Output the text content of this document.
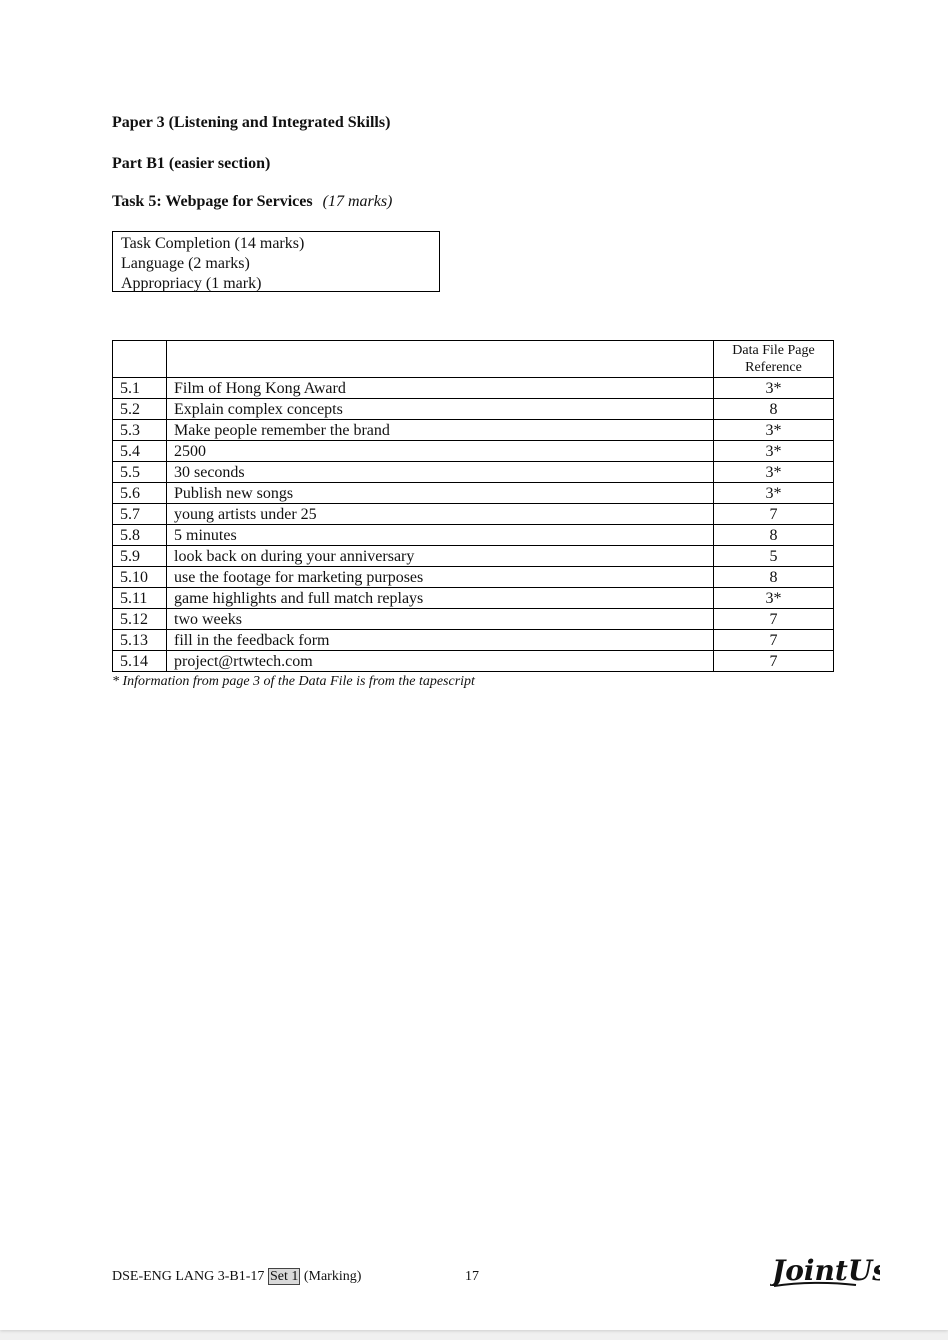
Paper 3 (Listening and Integrated Skills)
Part B1 (easier section)
Task 5: Webpage for Services (17 marks)
Task Completion (14 marks)
Language (2 marks)
Appropriacy (1 mark)

		Data File Page
Reference

5.1	Film of Hong Kong Award	3*
5.2	Explain complex concepts	8
5.3	Make people remember the brand	3*
5.4	2500	3*
5.5	30 seconds	3*
5.6	Publish new songs	3*
5.7	young artists under 25	7
5.8	5 minutes	8
5.9	look back on during your anniversary	5
5.10	use the footage for marketing purposes	8
5.11	game highlights and full match replays	3*
5.12	two weeks	7
5.13	fill in the feedback form	7
5.14	project@rtwtech.com	7
* Information from page 3 of the Data File is from the tapescript
DSE-ENG LANG 3-B1-17 Set 1 (Marking)	17	JointUs
